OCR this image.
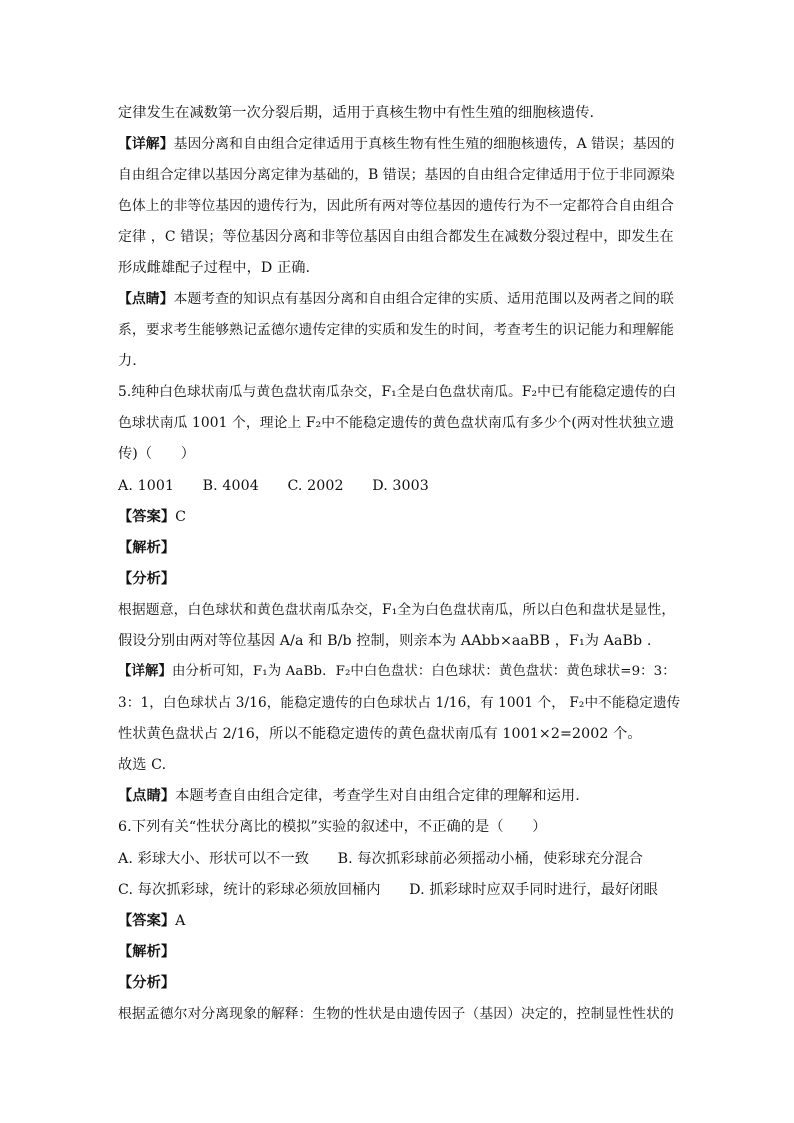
定律发生在减数第一次分裂后期，适用于真核生物中有性生殖的细胞核遗传.
【详解】基因分离和自由组合定律适用于真核生物有性生殖的细胞核遗传，A 错误；基因的
自由组合定律以基因分离定律为基础的，B 错误；基因的自由组合定律适用于位于非同源染
色体上的非等位基因的遗传行为，因此所有两对等位基因的遗传行为不一定都符合自由组合
定律 ，C 错误；等位基因分离和非等位基因自由组合都发生在减数分裂过程中，即发生在
形成雌雄配子过程中，D 正确.
【点睛】本题考查的知识点有基因分离和自由组合定律的实质、适用范围以及两者之间的联
系，要求考生能够熟记孟德尔遗传定律的实质和发生的时间，考查考生的识记能力和理解能
力.
5.纯种白色球状南瓜与黄色盘状南瓜杂交，F₁全是白色盘状南瓜。F₂中已有能稳定遗传的白
色球状南瓜 1001 个，理论上 F₂中不能稳定遗传的黄色盘状南瓜有多少个(两对性状独立遗
传)（　　）
A. 1001　　B. 4004　　C. 2002　　D. 3003
【答案】C
【解析】
【分析】
根据题意，白色球状和黄色盘状南瓜杂交，F₁全为白色盘状南瓜，所以白色和盘状是显性，
假设分别由两对等位基因 A/a 和 B/b 控制，则亲本为 AAbb×aaBB ，F₁为 AaBb .
【详解】由分析可知，F₁为 AaBb．F₂中白色盘状：白色球状：黄色盘状：黄色球状=9：3：
3：1，白色球状占 3/16，能稳定遗传的白色球状占 1/16，有 1001 个， F₂中不能稳定遗传
性状黄色盘状占 2/16，所以不能稳定遗传的黄色盘状南瓜有 1001×2=2002 个。
故选 C.
【点睛】本题考查自由组合定律，考查学生对自由组合定律的理解和运用.
6.下列有关“性状分离比的模拟”实验的叙述中，不正确的是（　　）
A. 彩球大小、形状可以不一致　　B. 每次抓彩球前必须摇动小桶，使彩球充分混合
C. 每次抓彩球，统计的彩球必须放回桶内　　D. 抓彩球时应双手同时进行，最好闭眼
【答案】A
【解析】
【分析】
根据孟德尔对分离现象的解释：生物的性状是由遗传因子（基因）决定的，控制显性性状的
